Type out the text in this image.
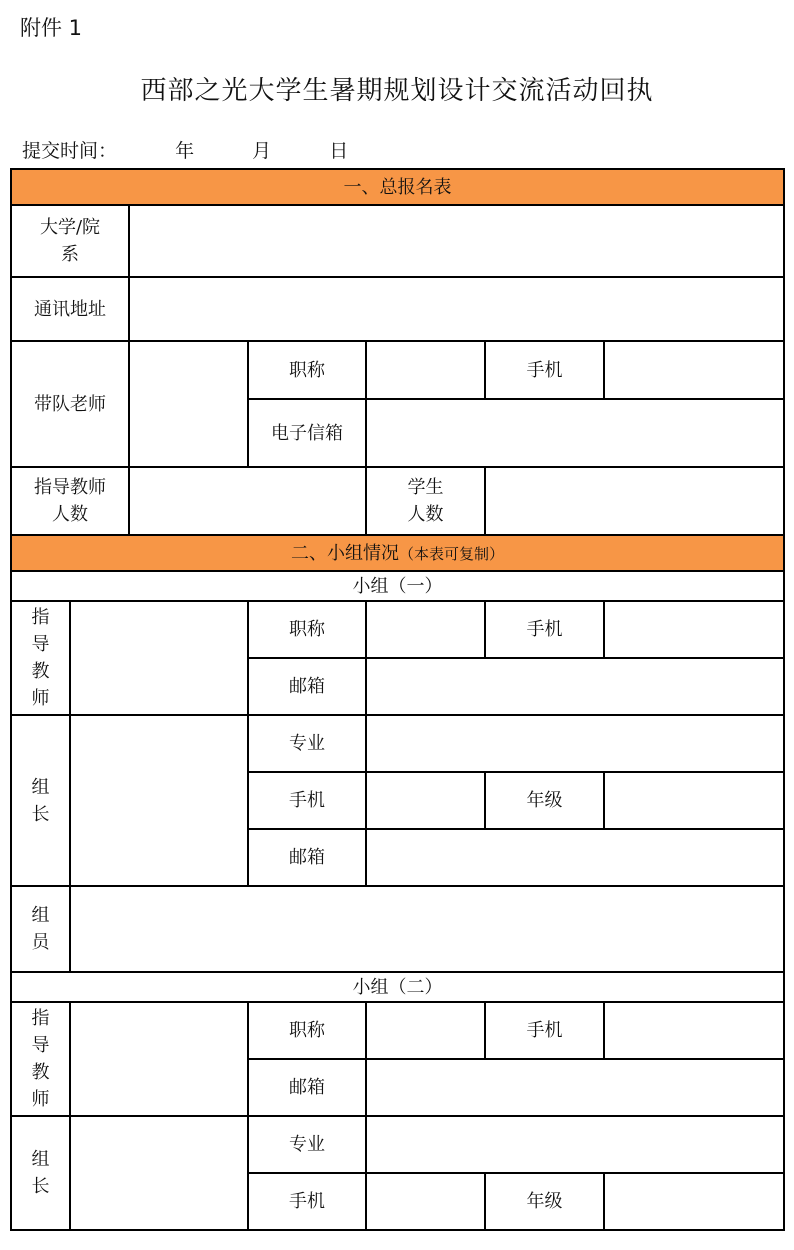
附件 1
西部之光大学生暑期规划设计交流活动回执
提交时间：	年	月	日
一、总报名表						
大学/院系						
通讯地址						
带队老师			职称		手机	
			电子信箱			
指导教师人数				学生人数		
二、小组情况（本表可复制）						
小组（一）						
指导教师			职称		手机	
			邮箱			
组长			专业			
			手机		年级	
			邮箱			
组员						
小组（二）						
指导教师			职称		手机	
			邮箱			
组长			专业			
			手机		年级	
